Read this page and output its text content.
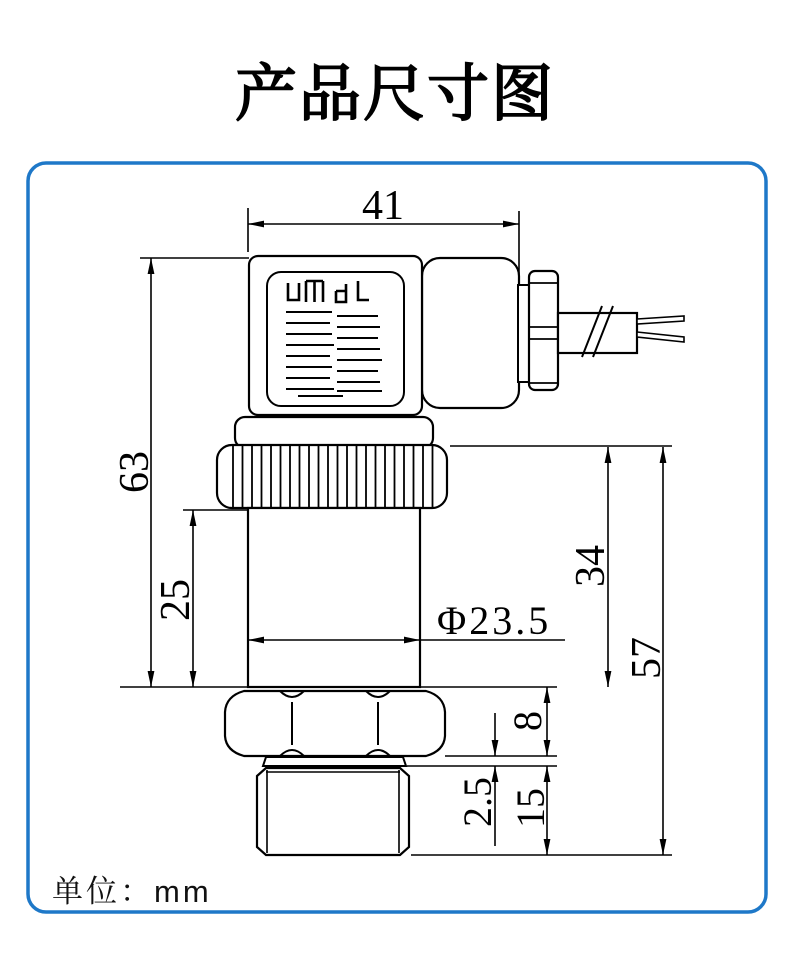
产品尺寸图
41
63
25	Φ23.5
34
57
8
2.5 15
单位：mm
